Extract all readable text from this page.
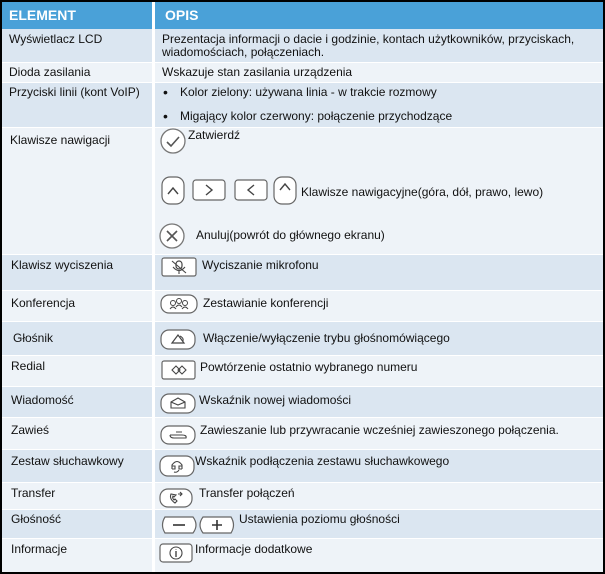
ELEMENT	OPIS
Wyświetlacz LCD	Prezentacja informacji o dacie i godzinie, kontach użytkowników, przyciskach,
wiadomościach, połączeniach.
Dioda zasilania	Wskazuje stan zasilania urządzenia
Przyciski linii (kont VoIP) • Kolor zielony: używana linia - w trakcie rozmowy
• Migający kolor czerwony: połączenie przychodzące
Klawisze nawigacji	Zatwierdź
Klawisze nawigacyjne(góra, dół, prawo, lewo)
Anuluj(powrót do głównego ekranu)
Klawisz wyciszenia	Wyciszanie mikrofonu
Konferencja	Zestawianie konferencji
Głośnik	Włączenie/wyłączenie trybu głośnomówiącego
Redial	Powtórzenie ostatnio wybranego numeru
Wiadomość	Wskaźnik nowej wiadomości
Zawieś	Zawieszanie lub przywracanie wcześniej zawieszonego połączenia.
Zestaw słuchawkowy	Wskaźnik podłączenia zestawu słuchawkowego
Transfer	Transfer połączeń
Głośność	Ustawienia poziomu głośności
Informacje	Informacje dodatkowe
